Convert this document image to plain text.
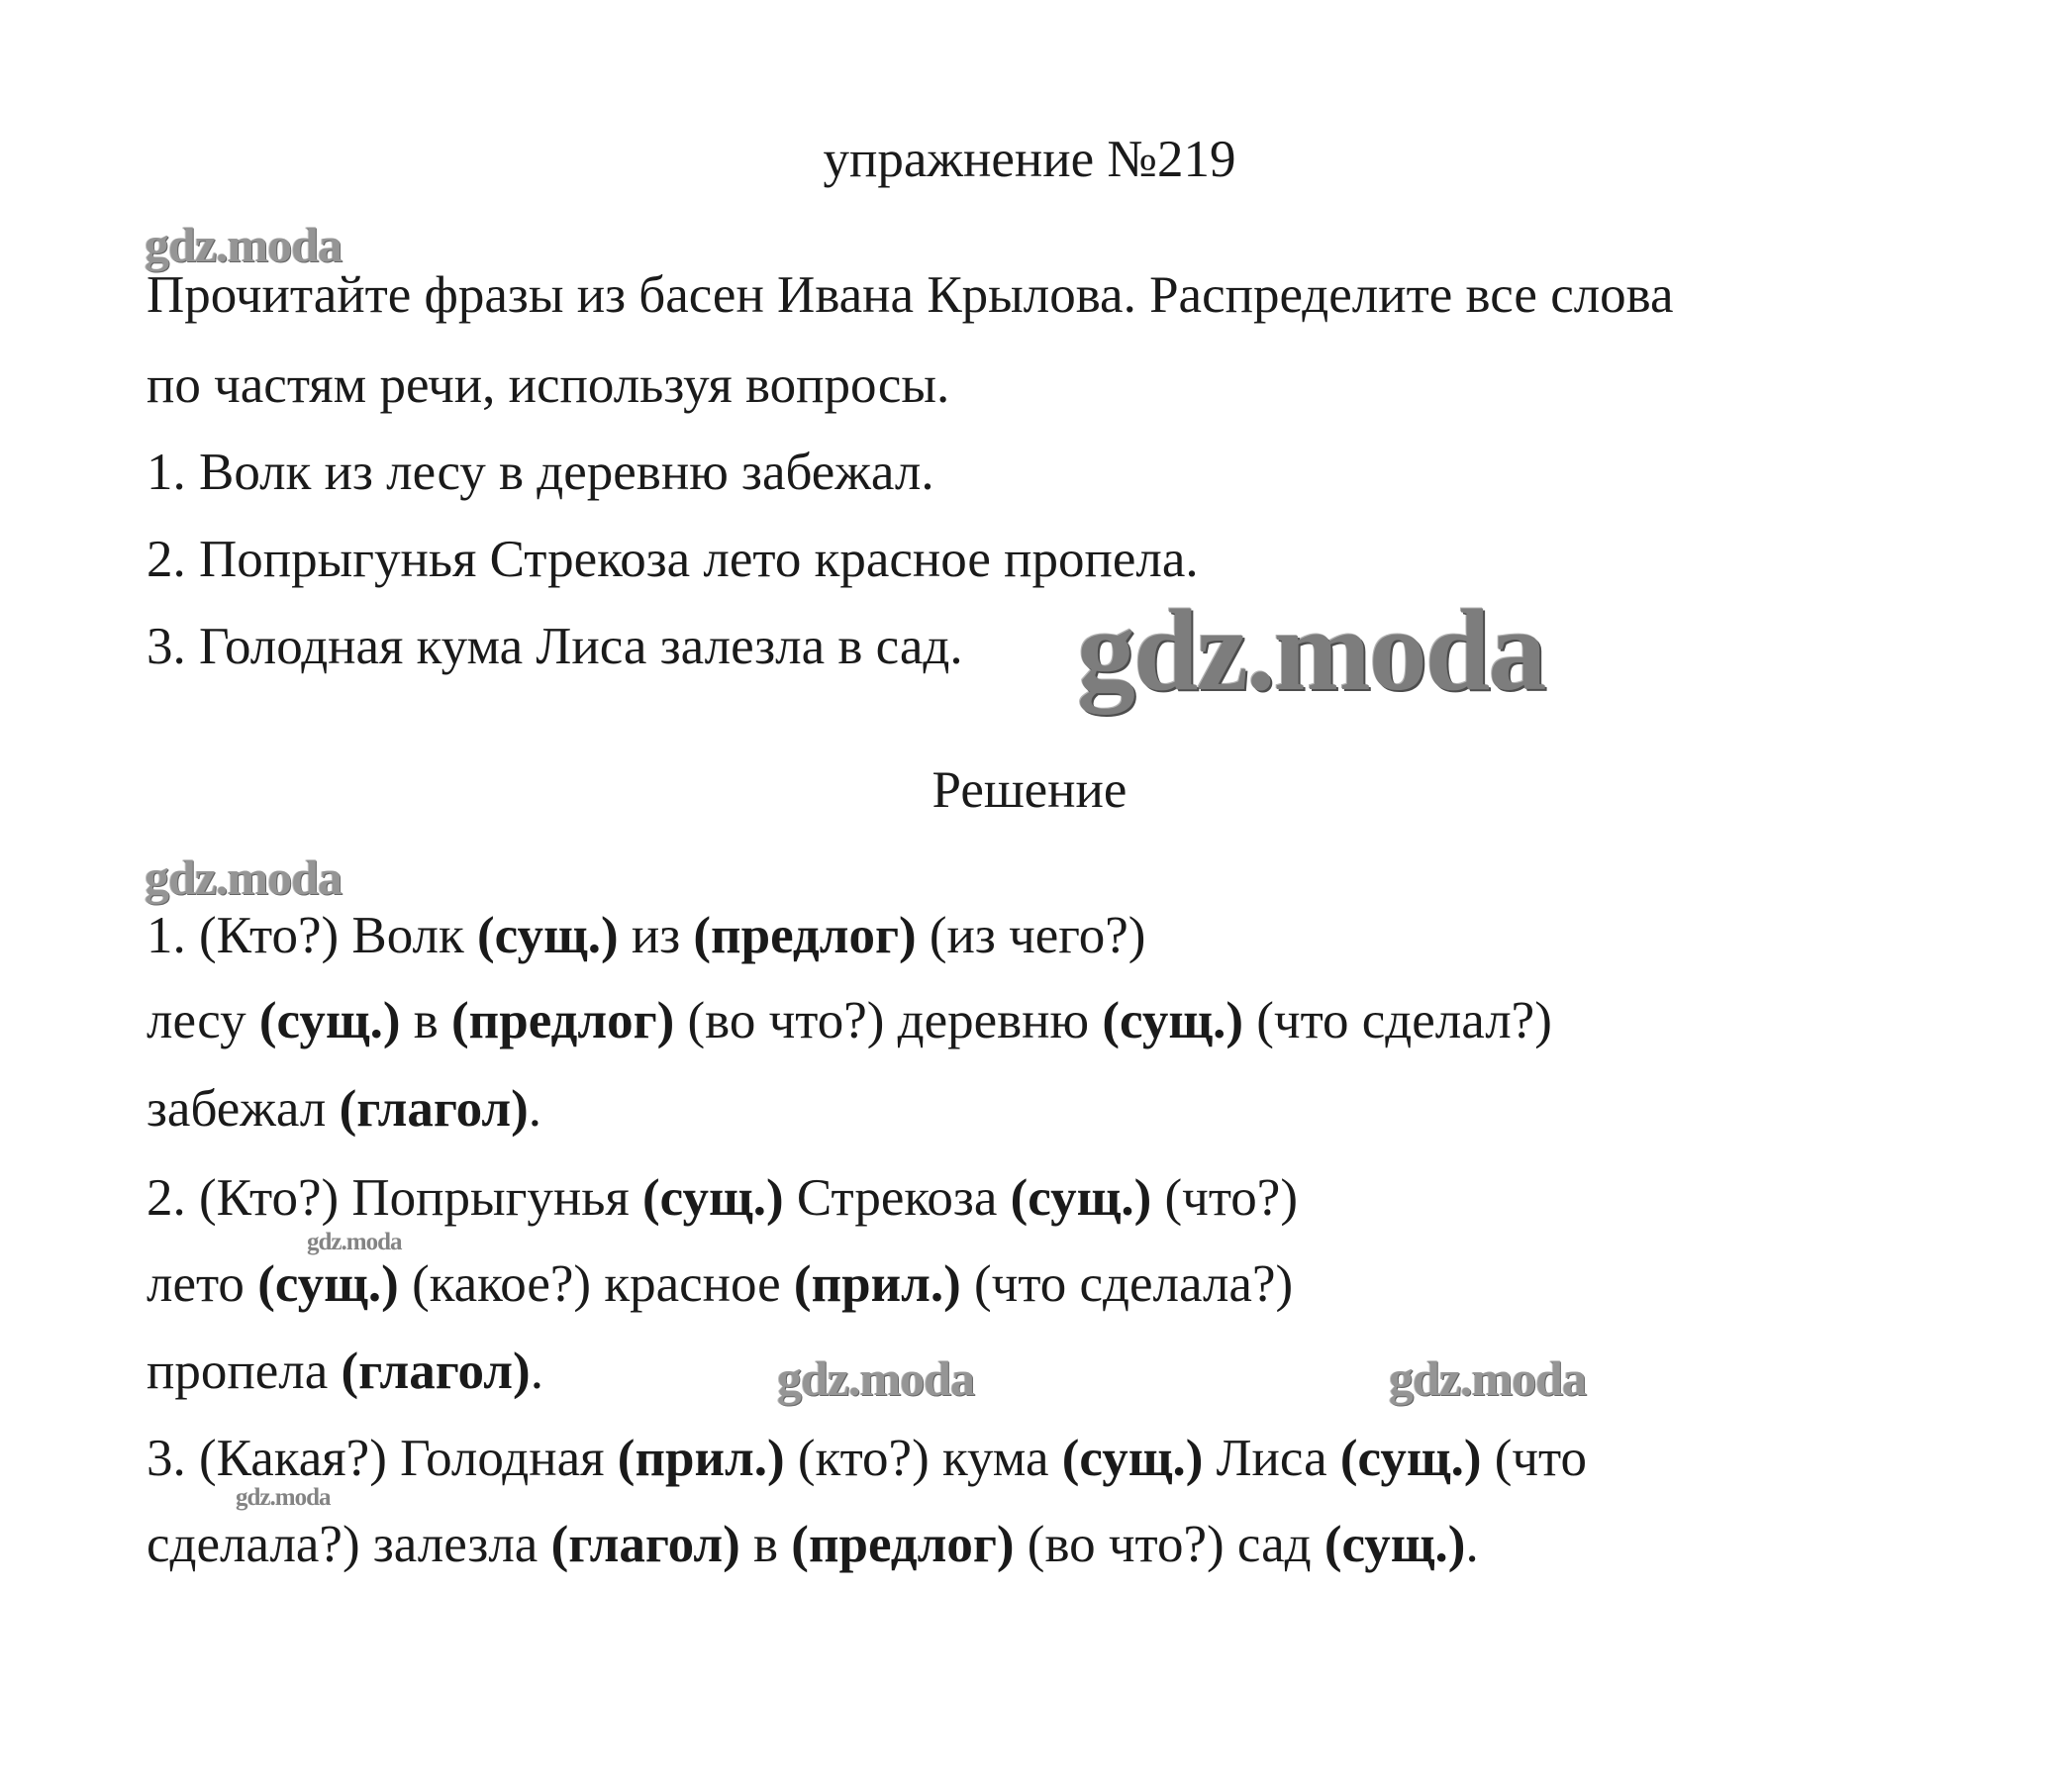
упражнение №219
gdz.moda
Прочитайте фразы из басен Ивана Крылова. Распределите все слова
по частям речи, используя вопросы.
1. Волк из лесу в деревню забежал.
2. Попрыгунья Стрекоза лето красное пропела.
3. Голодная кума Лиса залезла в сад. gdz.moda
Решение
gdz.moda
1. (Кто?) Волк (сущ.) из (предлог) (из чего?)
лесу (сущ.) в (предлог) (во что?) деревню (сущ.) (что сделал?)
забежал (глагол).
2. (Кто?) Попрыгунья (сущ.) Стрекоза (сущ.) (что?)
gdz.moda
лето (сущ.) (какое?) красное (прил.) (что сделала?)
пропела (глагол).	gdz.moda	gdz.moda
3. (Какая?) Голодная (прил.) (кто?) кума (сущ.) Лиса (сущ.) (что
gdz.moda
сделала?) залезла (глагол) в (предлог) (во что?) сад (сущ.).
